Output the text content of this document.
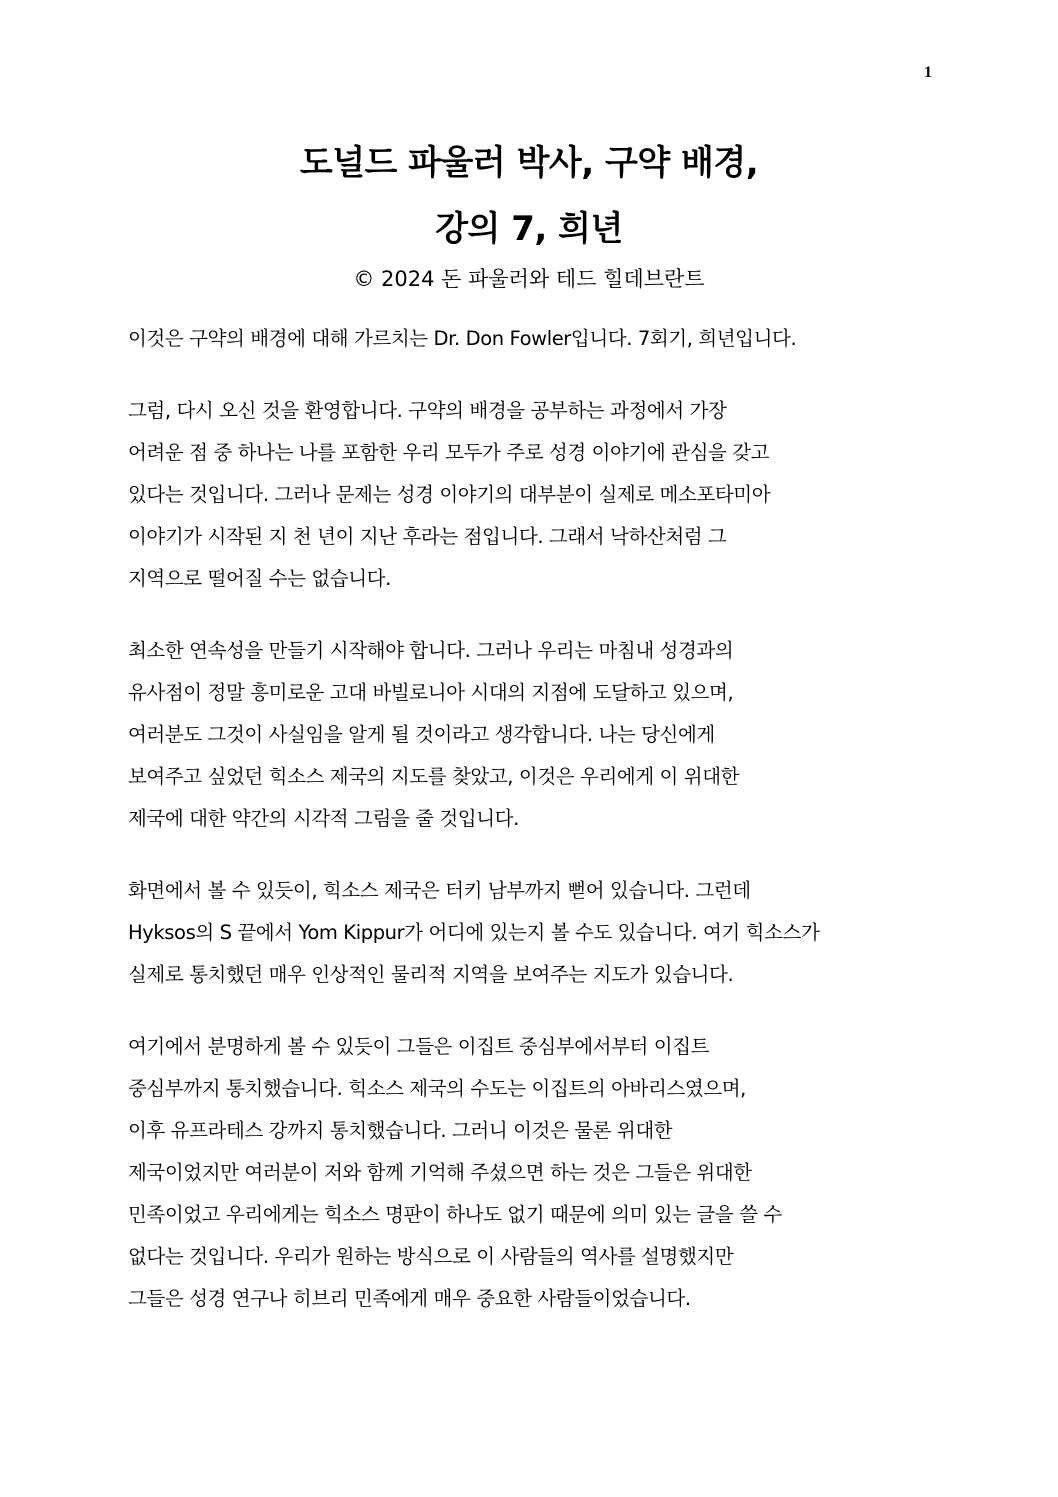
1
도널드 파울러 박사, 구약 배경,
강의 7, 희년
© 2024 돈 파울러와 테드 힐데브란트
이것은 구약의 배경에 대해 가르치는 Dr. Don Fowler입니다. 7회기, 희년입니다.
그럼, 다시 오신 것을 환영합니다. 구약의 배경을 공부하는 과정에서 가장
어려운 점 중 하나는 나를 포함한 우리 모두가 주로 성경 이야기에 관심을 갖고
있다는 것입니다. 그러나 문제는 성경 이야기의 대부분이 실제로 메소포타미아
이야기가 시작된 지 천 년이 지난 후라는 점입니다. 그래서 낙하산처럼 그
지역으로 떨어질 수는 없습니다.
최소한 연속성을 만들기 시작해야 합니다. 그러나 우리는 마침내 성경과의
유사점이 정말 흥미로운 고대 바빌로니아 시대의 지점에 도달하고 있으며,
여러분도 그것이 사실임을 알게 될 것이라고 생각합니다. 나는 당신에게
보여주고 싶었던 힉소스 제국의 지도를 찾았고, 이것은 우리에게 이 위대한
제국에 대한 약간의 시각적 그림을 줄 것입니다.
화면에서 볼 수 있듯이, 힉소스 제국은 터키 남부까지 뻗어 있습니다. 그런데
Hyksos의 S 끝에서 Yom Kippur가 어디에 있는지 볼 수도 있습니다. 여기 힉소스가
실제로 통치했던 매우 인상적인 물리적 지역을 보여주는 지도가 있습니다.
여기에서 분명하게 볼 수 있듯이 그들은 이집트 중심부에서부터 이집트
중심부까지 통치했습니다. 힉소스 제국의 수도는 이집트의 아바리스였으며,
이후 유프라테스 강까지 통치했습니다. 그러니 이것은 물론 위대한
제국이었지만 여러분이 저와 함께 기억해 주셨으면 하는 것은 그들은 위대한
민족이었고 우리에게는 힉소스 명판이 하나도 없기 때문에 의미 있는 글을 쓸 수
없다는 것입니다. 우리가 원하는 방식으로 이 사람들의 역사를 설명했지만
그들은 성경 연구나 히브리 민족에게 매우 중요한 사람들이었습니다.
